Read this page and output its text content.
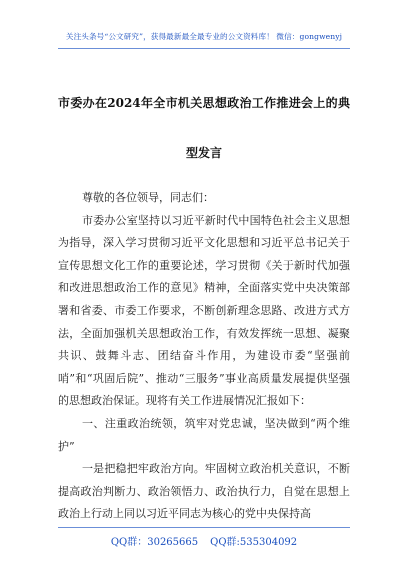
关注头条号“公文研究”，获得最新最全最专业的公文资料库！ 微信：gongwenyj
市委办在2024年全市机关思想政治工作推进会上的典型发言

尊敬的各位领导，同志们：

市委办公室坚持以习近平新时代中国特色社会主义思想为指导，深入学习贯彻习近平文化思想和习近平总书记关于宣传思想文化工作的重要论述，学习贯彻《关于新时代加强和改进思想政治工作的意见》精神，全面落实党中央决策部署和省委、市委工作要求，不断创新理念思路、改进方式方法，全面加强机关思想政治工作，有效发挥统一思想、凝聚共识、鼓舞斗志、团结奋斗作用，为建设市委“坚强前哨”和“巩固后院”、推动“三服务”事业高质量发展提供坚强的思想政治保证。现将有关工作进展情况汇报如下：

一、注重政治统领，筑牢对党忠诚，坚决做到“两个维护”

一是把稳把牢政治方向。牢固树立政治机关意识，不断提高政治判断力、政治领悟力、政治执行力，自觉在思想上政治上行动上同以习近平同志为核心的党中央保持高

QQ群：30265665 QQ群:535304092
